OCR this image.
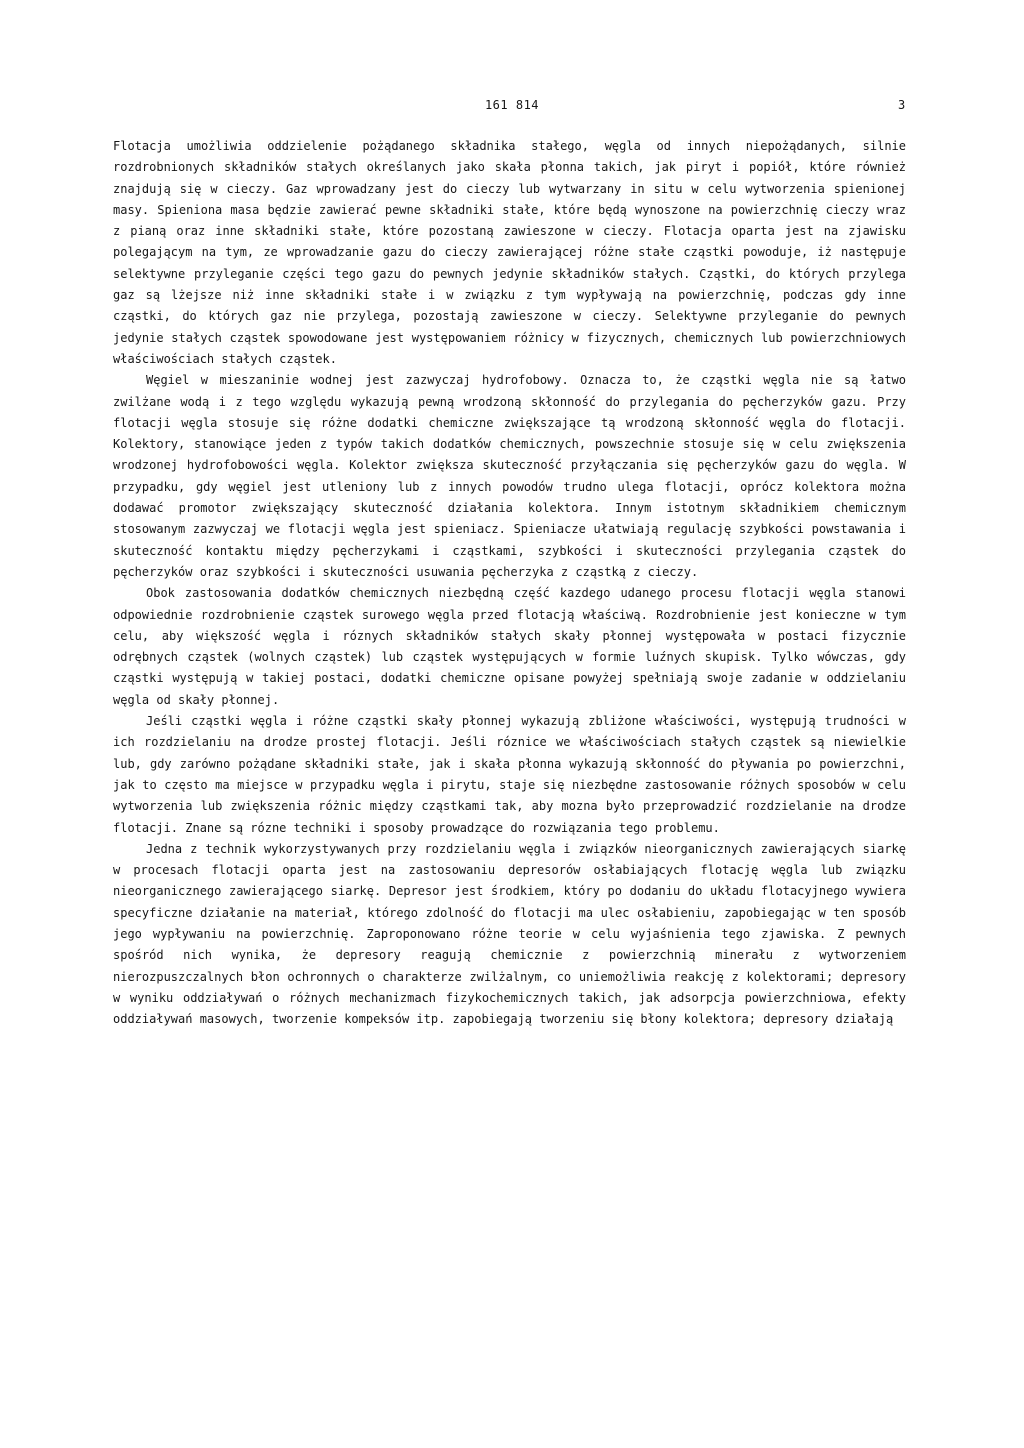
161 814	3

Flotacja umożliwia oddzielenie pożądanego składnika stałego, węgla od innych niepożądanych, silnie rozdrobnionych składników stałych określanych jako skała płonna takich, jak piryt i popiół, które również znajdują się w cieczy. Gaz wprowadzany jest do cieczy lub wytwarzany in situ w celu wytworzenia spienionej masy. Spieniona masa będzie zawierać pewne składniki stałe, które będą wynoszone na powierzchnię cieczy wraz z pianą oraz inne składniki stałe, które pozostaną zawieszone w cieczy. Flotacja oparta jest na zjawisku polegającym na tym, ze wprowadzanie gazu do cieczy zawierającej różne stałe cząstki powoduje, iż następuje selektywne przyleganie części tego gazu do pewnych jedynie składników stałych. Cząstki, do których przylega gaz są lżejsze niż inne składniki stałe i w związku z tym wypływają na powierzchnię, podczas gdy inne cząstki, do których gaz nie przylega, pozostają zawieszone w cieczy. Selektywne przyleganie do pewnych jedynie stałych cząstek spowodowane jest występowaniem różnicy w fizycznych, chemicznych lub powierzchniowych właściwościach stałych cząstek.

Węgiel w mieszaninie wodnej jest zazwyczaj hydrofobowy. Oznacza to, że cząstki węgla nie są łatwo zwilżane wodą i z tego względu wykazują pewną wrodzoną skłonność do przylegania do pęcherzyków gazu. Przy flotacji węgla stosuje się różne dodatki chemiczne zwiększające tą wrodzoną skłonność węgla do flotacji. Kolektory, stanowiące jeden z typów takich dodatków chemicznych, powszechnie stosuje się w celu zwiększenia wrodzonej hydrofobowości węgla. Kolektor zwiększa skuteczność przyłączania się pęcherzyków gazu do węgla. W przypadku, gdy węgiel jest utleniony lub z innych powodów trudno ulega flotacji, oprócz kolektora można dodawać promotor zwiększający skuteczność działania kolektora. Innym istotnym składnikiem chemicznym stosowanym zazwyczaj we flotacji węgla jest spieniacz. Spieniacze ułatwiają regulację szybkości powstawania i skuteczność kontaktu między pęcherzykami i cząstkami, szybkości i skuteczności przylegania cząstek do pęcherzyków oraz szybkości i skuteczności usuwania pęcherzyka z cząstką z cieczy.

Obok zastosowania dodatków chemicznych niezbędną część kazdego udanego procesu flotacji węgla stanowi odpowiednie rozdrobnienie cząstek surowego węgla przed flotacją właściwą. Rozdrobnienie jest konieczne w tym celu, aby większość węgla i róznych składników stałych skały płonnej występowała w postaci fizycznie odrębnych cząstek (wolnych cząstek) lub cząstek występujących w formie luźnych skupisk. Tylko wówczas, gdy cząstki występują w takiej postaci, dodatki chemiczne opisane powyżej spełniają swoje zadanie w oddzielaniu węgla od skały płonnej.

Jeśli cząstki węgla i różne cząstki skały płonnej wykazują zbliżone właściwości, występują trudności w ich rozdzielaniu na drodze prostej flotacji. Jeśli róznice we właściwościach stałych cząstek są niewielkie lub, gdy zarówno pożądane składniki stałe, jak i skała płonna wykazują skłonność do pływania po powierzchni, jak to często ma miejsce w przypadku węgla i pirytu, staje się niezbędne zastosowanie różnych sposobów w celu wytworzenia lub zwiększenia różnic między cząstkami tak, aby mozna było przeprowadzić rozdzielanie na drodze flotacji. Znane są rózne techniki i sposoby prowadzące do rozwiązania tego problemu.

Jedna z technik wykorzystywanych przy rozdzielaniu węgla i związków nieorganicznych zawierających siarkę w procesach flotacji oparta jest na zastosowaniu depresorów osłabiających flotację węgla lub związku nieorganicznego zawierającego siarkę. Depresor jest środkiem, który po dodaniu do układu flotacyjnego wywiera specyficzne działanie na materiał, którego zdolność do flotacji ma ulec osłabieniu, zapobiegając w ten sposób jego wypływaniu na powierzchnię. Zaproponowano różne teorie w celu wyjaśnienia tego zjawiska. Z pewnych spośród nich wynika, że depresory reagują chemicznie z powierzchnią minerału z wytworzeniem nierozpuszczalnych błon ochronnych o charakterze zwilżalnym, co uniemożliwia reakcję z kolektorami; depresory w wyniku oddziaływań o różnych mechanizmach fizykochemicznych takich, jak adsorpcja powierzchniowa, efekty oddziaływań masowych, tworzenie kompeksów itp. zapobiegają tworzeniu się błony kolektora; depresory działają
